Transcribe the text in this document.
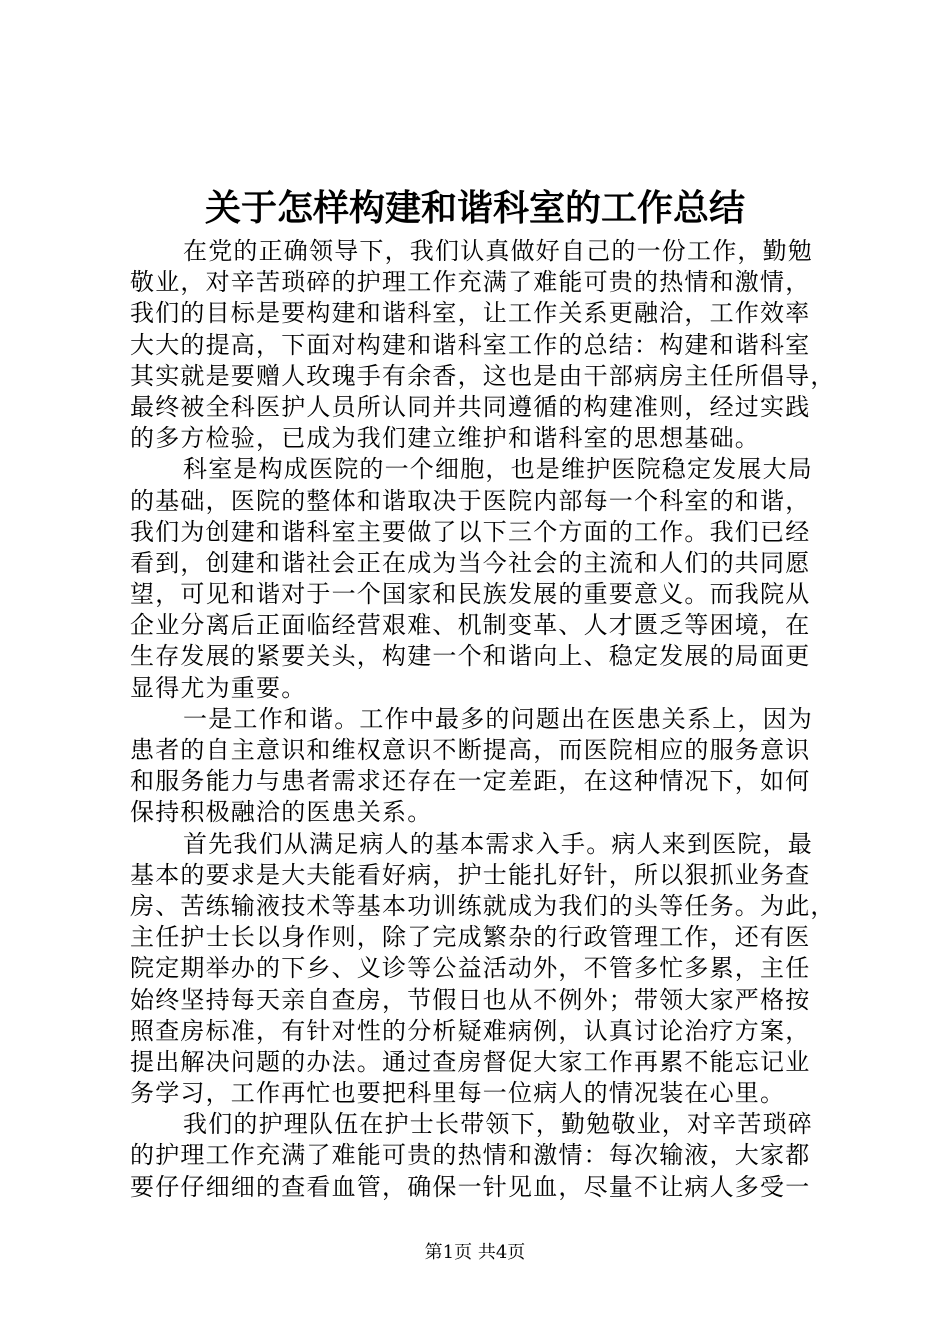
关于怎样构建和谐科室的工作总结
在党的正确领导下，我们认真做好自己的一份工作，勤勉
敬业，对辛苦琐碎的护理工作充满了难能可贵的热情和激情，
我们的目标是要构建和谐科室，让工作关系更融洽，工作效率
大大的提高，下面对构建和谐科室工作的总结：构建和谐科室
其实就是要赠人玫瑰手有余香，这也是由干部病房主任所倡导，
最终被全科医护人员所认同并共同遵循的构建准则，经过实践
的多方检验，已成为我们建立维护和谐科室的思想基础。
科室是构成医院的一个细胞，也是维护医院稳定发展大局
的基础，医院的整体和谐取决于医院内部每一个科室的和谐，
我们为创建和谐科室主要做了以下三个方面的工作。我们已经
看到，创建和谐社会正在成为当今社会的主流和人们的共同愿
望，可见和谐对于一个国家和民族发展的重要意义。而我院从
企业分离后正面临经营艰难、机制变革、人才匮乏等困境，在
生存发展的紧要关头，构建一个和谐向上、稳定发展的局面更
显得尤为重要。
一是工作和谐。工作中最多的问题出在医患关系上，因为
患者的自主意识和维权意识不断提高，而医院相应的服务意识
和服务能力与患者需求还存在一定差距，在这种情况下，如何
保持积极融洽的医患关系。
首先我们从满足病人的基本需求入手。病人来到医院，最
基本的要求是大夫能看好病，护士能扎好针，所以狠抓业务查
房、苦练输液技术等基本功训练就成为我们的头等任务。为此，
主任护士长以身作则，除了完成繁杂的行政管理工作，还有医
院定期举办的下乡、义诊等公益活动外，不管多忙多累，主任
始终坚持每天亲自查房，节假日也从不例外；带领大家严格按
照查房标准，有针对性的分析疑难病例，认真讨论治疗方案，
提出解决问题的办法。通过查房督促大家工作再累不能忘记业
务学习，工作再忙也要把科里每一位病人的情况装在心里。
我们的护理队伍在护士长带领下，勤勉敬业，对辛苦琐碎
的护理工作充满了难能可贵的热情和激情：每次输液，大家都
要仔仔细细的查看血管，确保一针见血，尽量不让病人多受一
第1页 共4页
